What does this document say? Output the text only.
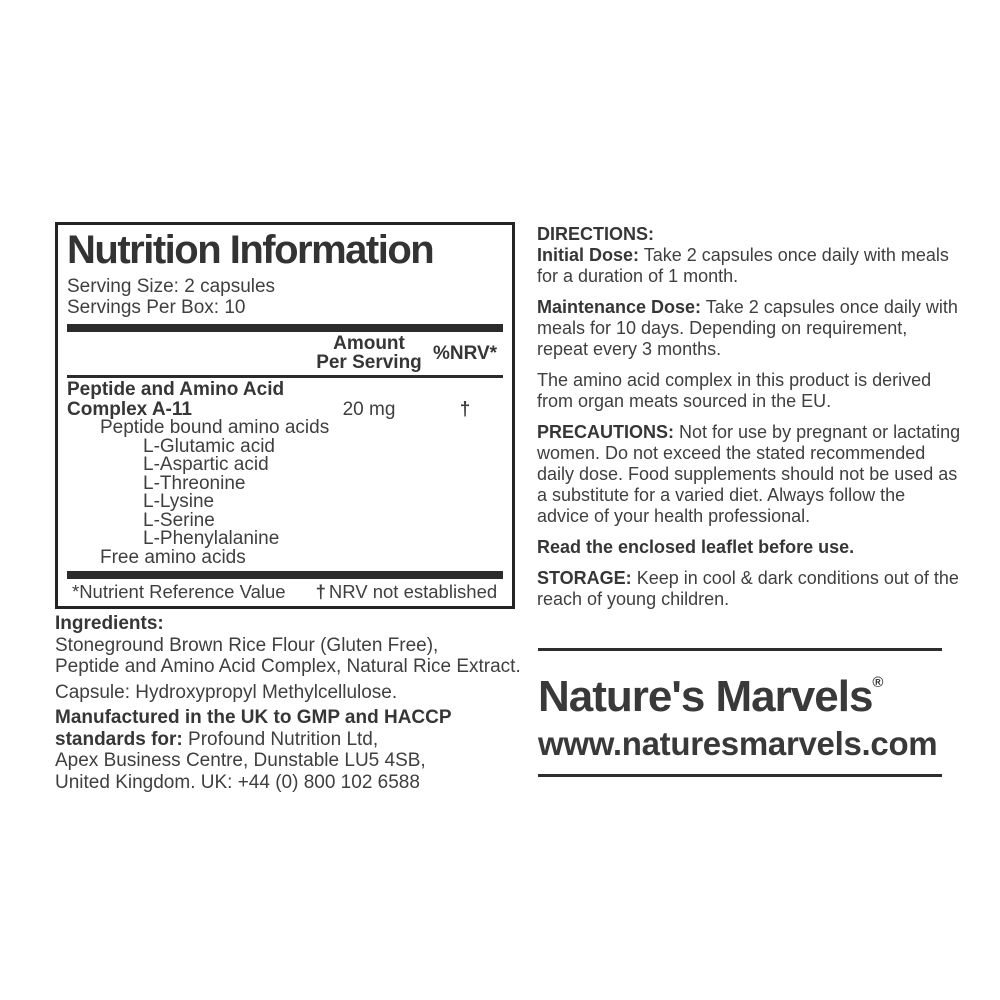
Nutrition Information
Serving Size: 2 capsules
Servings Per Box: 10
Amount
Per Serving %NRV*
Peptide and Amino Acid
Complex A-11	20 mg	†
Peptide bound amino acids
L-Glutamic acid
L-Aspartic acid
L-Threonine
L-Lysine
L-Serine
L-Phenylalanine
Free amino acids
*Nutrient Reference Value † NRV not established
Ingredients:
Stoneground Brown Rice Flour (Gluten Free),
Peptide and Amino Acid Complex, Natural Rice Extract.
Capsule: Hydroxypropyl Methylcellulose.
Manufactured in the UK to GMP and HACCP
standards for: Profound Nutrition Ltd,
Apex Business Centre, Dunstable LU5 4SB,
United Kingdom. UK: +44 (0) 800 102 6588
DIRECTIONS:

Initial Dose: Take 2 capsules once daily with meals for a duration of 1 month.

Maintenance Dose: Take 2 capsules once daily with meals for 10 days. Depending on requirement, repeat every 3 months.

The amino acid complex in this product is derived from organ meats sourced in the EU.

PRECAUTIONS: Not for use by pregnant or lactating women. Do not exceed the stated recommended daily dose. Food supplements should not be used as a substitute for a varied diet. Always follow the advice of your health professional.

Read the enclosed leaflet before use.

STORAGE: Keep in cool & dark conditions out of the reach of young children.

Nature's Marvels®
www.naturesmarvels.com
